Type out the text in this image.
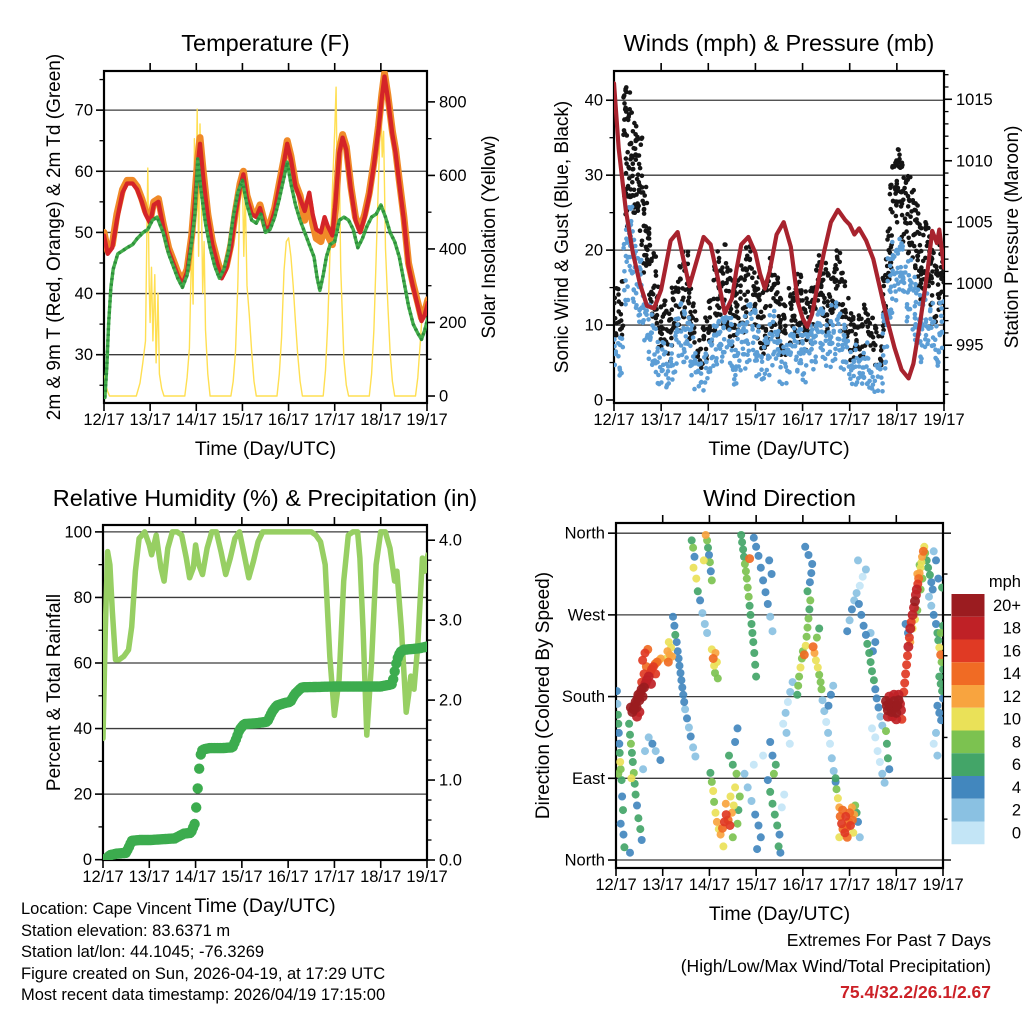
12/17 13/17 14/17 15/17 16/17 17/17 18/17 19/17
Time (Day/UTC)
30
40
50
60
70
0
200
400
600
800
Temperature (F)
2m & 9m T (Red, Orange) & 2m Td (Green)	Solar Insolation (Yellow)
12/17 13/17 14/17 15/17 16/17 17/17 18/17 19/17
Time (Day/UTC)
0
10
20
30
40
995
1000
1005
1010
1015
Winds (mph) & Pressure (mb)
Sonic Wind & Gust (Blue, Black)	Station Pressure (Maroon)
12/17 13/17 14/17 15/17 16/17 17/17 18/17 19/17
Time (Day/UTC)
0
20
40
60
80
100
0.0
1.0
2.0
3.0
4.0
Relative Humidity (%) & Precipitation (in)
Percent & Total Rainfall
12/17 13/17 14/17 15/17 16/17 17/17 18/17 19/17
Time (Day/UTC)
North
West
South
East
North
Wind Direction
Direction (Colored By Speed)	mph
20+
18
16
14
12
10
8
6
4
2
0
Location: Cape Vincent
Station elevation: 83.6371 m
Station lat/lon: 44.1045; -76.3269
Figure created on Sun, 2026-04-19, at 17:29 UTC
Most recent data timestamp: 2026/04/19 17:15:00
Extremes For Past 7 Days
(High/Low/Max Wind/Total Precipitation)
75.4/32.2/26.1/2.67
